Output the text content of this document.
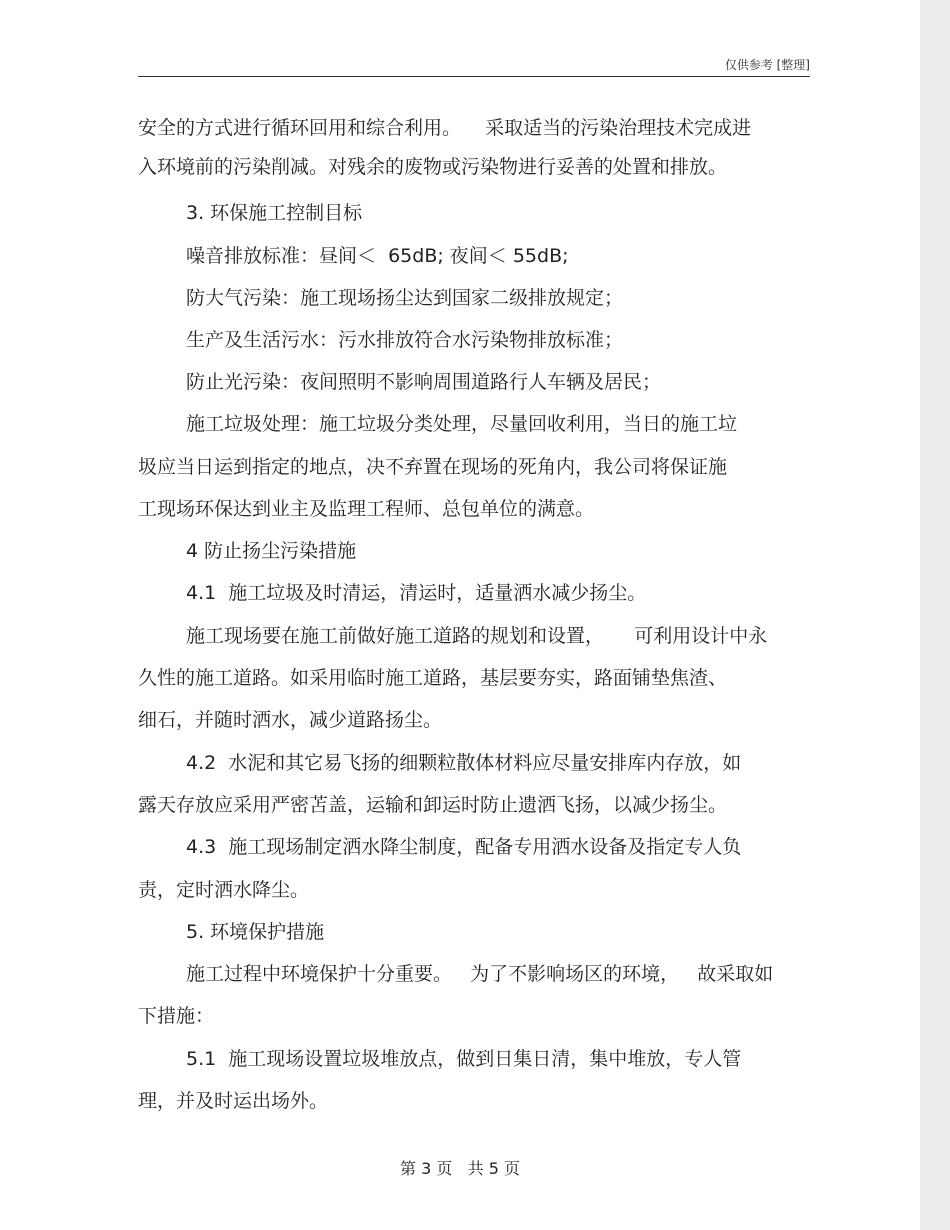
仅供参考 [整理]
安全的方式进行循环回用和综合利用。    采取适当的污染治理技术完成进
入环境前的污染削减。对残余的废物或污染物进行妥善的处置和排放。
3. 环保施工控制目标
噪音排放标准：昼间＜  65dB; 夜间＜ 55dB;
防大气污染：施工现场扬尘达到国家二级排放规定；
生产及生活污水：污水排放符合水污染物排放标准；
防止光污染：夜间照明不影响周围道路行人车辆及居民；
施工垃圾处理：施工垃圾分类处理，尽量回收利用，当日的施工垃
圾应当日运到指定的地点，决不弃置在现场的死角内，我公司将保证施
工现场环保达到业主及监理工程师、总包单位的满意。
4 防止扬尘污染措施
4.1  施工垃圾及时清运，清运时，适量洒水减少扬尘。
施工现场要在施工前做好施工道路的规划和设置，     可利用设计中永
久性的施工道路。如采用临时施工道路，基层要夯实，路面铺垫焦渣、
细石，并随时洒水，减少道路扬尘。
4.2  水泥和其它易飞扬的细颗粒散体材料应尽量安排库内存放，如
露天存放应采用严密苫盖，运输和卸运时防止遗洒飞扬，以减少扬尘。
4.3  施工现场制定洒水降尘制度，配备专用洒水设备及指定专人负
责，定时洒水降尘。
5. 环境保护措施
施工过程中环境保护十分重要。   为了不影响场区的环境，   故采取如
下措施：
5.1  施工现场设置垃圾堆放点，做到日集日清，集中堆放，专人管
理，并及时运出场外。
第 3 页 共 5 页
